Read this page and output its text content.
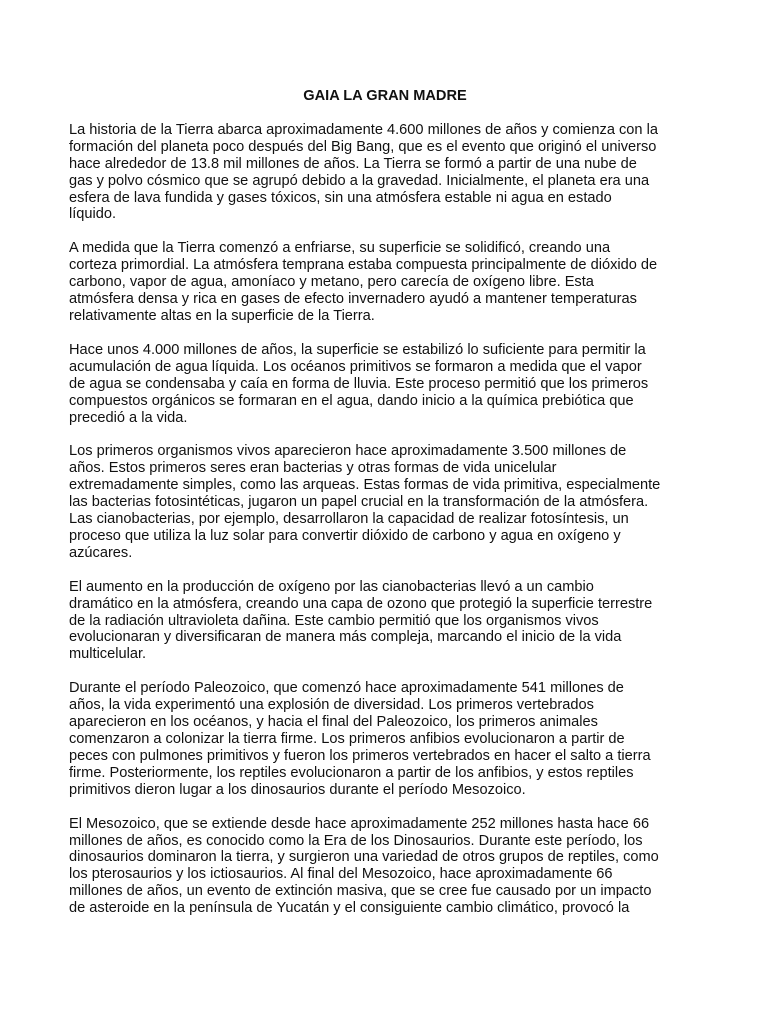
GAIA LA GRAN MADRE

La historia de la Tierra abarca aproximadamente 4.600 millones de años y comienza con la
formación del planeta poco después del Big Bang, que es el evento que originó el universo
hace alrededor de 13.8 mil millones de años. La Tierra se formó a partir de una nube de
gas y polvo cósmico que se agrupó debido a la gravedad. Inicialmente, el planeta era una
esfera de lava fundida y gases tóxicos, sin una atmósfera estable ni agua en estado
líquido.

A medida que la Tierra comenzó a enfriarse, su superficie se solidificó, creando una
corteza primordial. La atmósfera temprana estaba compuesta principalmente de dióxido de
carbono, vapor de agua, amoníaco y metano, pero carecía de oxígeno libre. Esta
atmósfera densa y rica en gases de efecto invernadero ayudó a mantener temperaturas
relativamente altas en la superficie de la Tierra.

Hace unos 4.000 millones de años, la superficie se estabilizó lo suficiente para permitir la
acumulación de agua líquida. Los océanos primitivos se formaron a medida que el vapor
de agua se condensaba y caía en forma de lluvia. Este proceso permitió que los primeros
compuestos orgánicos se formaran en el agua, dando inicio a la química prebiótica que
precedió a la vida.

Los primeros organismos vivos aparecieron hace aproximadamente 3.500 millones de
años. Estos primeros seres eran bacterias y otras formas de vida unicelular
extremadamente simples, como las arqueas. Estas formas de vida primitiva, especialmente
las bacterias fotosintéticas, jugaron un papel crucial en la transformación de la atmósfera.
Las cianobacterias, por ejemplo, desarrollaron la capacidad de realizar fotosíntesis, un
proceso que utiliza la luz solar para convertir dióxido de carbono y agua en oxígeno y
azúcares.

El aumento en la producción de oxígeno por las cianobacterias llevó a un cambio
dramático en la atmósfera, creando una capa de ozono que protegió la superficie terrestre
de la radiación ultravioleta dañina. Este cambio permitió que los organismos vivos
evolucionaran y diversificaran de manera más compleja, marcando el inicio de la vida
multicelular.

Durante el período Paleozoico, que comenzó hace aproximadamente 541 millones de
años, la vida experimentó una explosión de diversidad. Los primeros vertebrados
aparecieron en los océanos, y hacia el final del Paleozoico, los primeros animales
comenzaron a colonizar la tierra firme. Los primeros anfibios evolucionaron a partir de
peces con pulmones primitivos y fueron los primeros vertebrados en hacer el salto a tierra
firme. Posteriormente, los reptiles evolucionaron a partir de los anfibios, y estos reptiles
primitivos dieron lugar a los dinosaurios durante el período Mesozoico.

El Mesozoico, que se extiende desde hace aproximadamente 252 millones hasta hace 66
millones de años, es conocido como la Era de los Dinosaurios. Durante este período, los
dinosaurios dominaron la tierra, y surgieron una variedad de otros grupos de reptiles, como
los pterosaurios y los ictiosaurios. Al final del Mesozoico, hace aproximadamente 66
millones de años, un evento de extinción masiva, que se cree fue causado por un impacto
de asteroide en la península de Yucatán y el consiguiente cambio climático, provocó la
